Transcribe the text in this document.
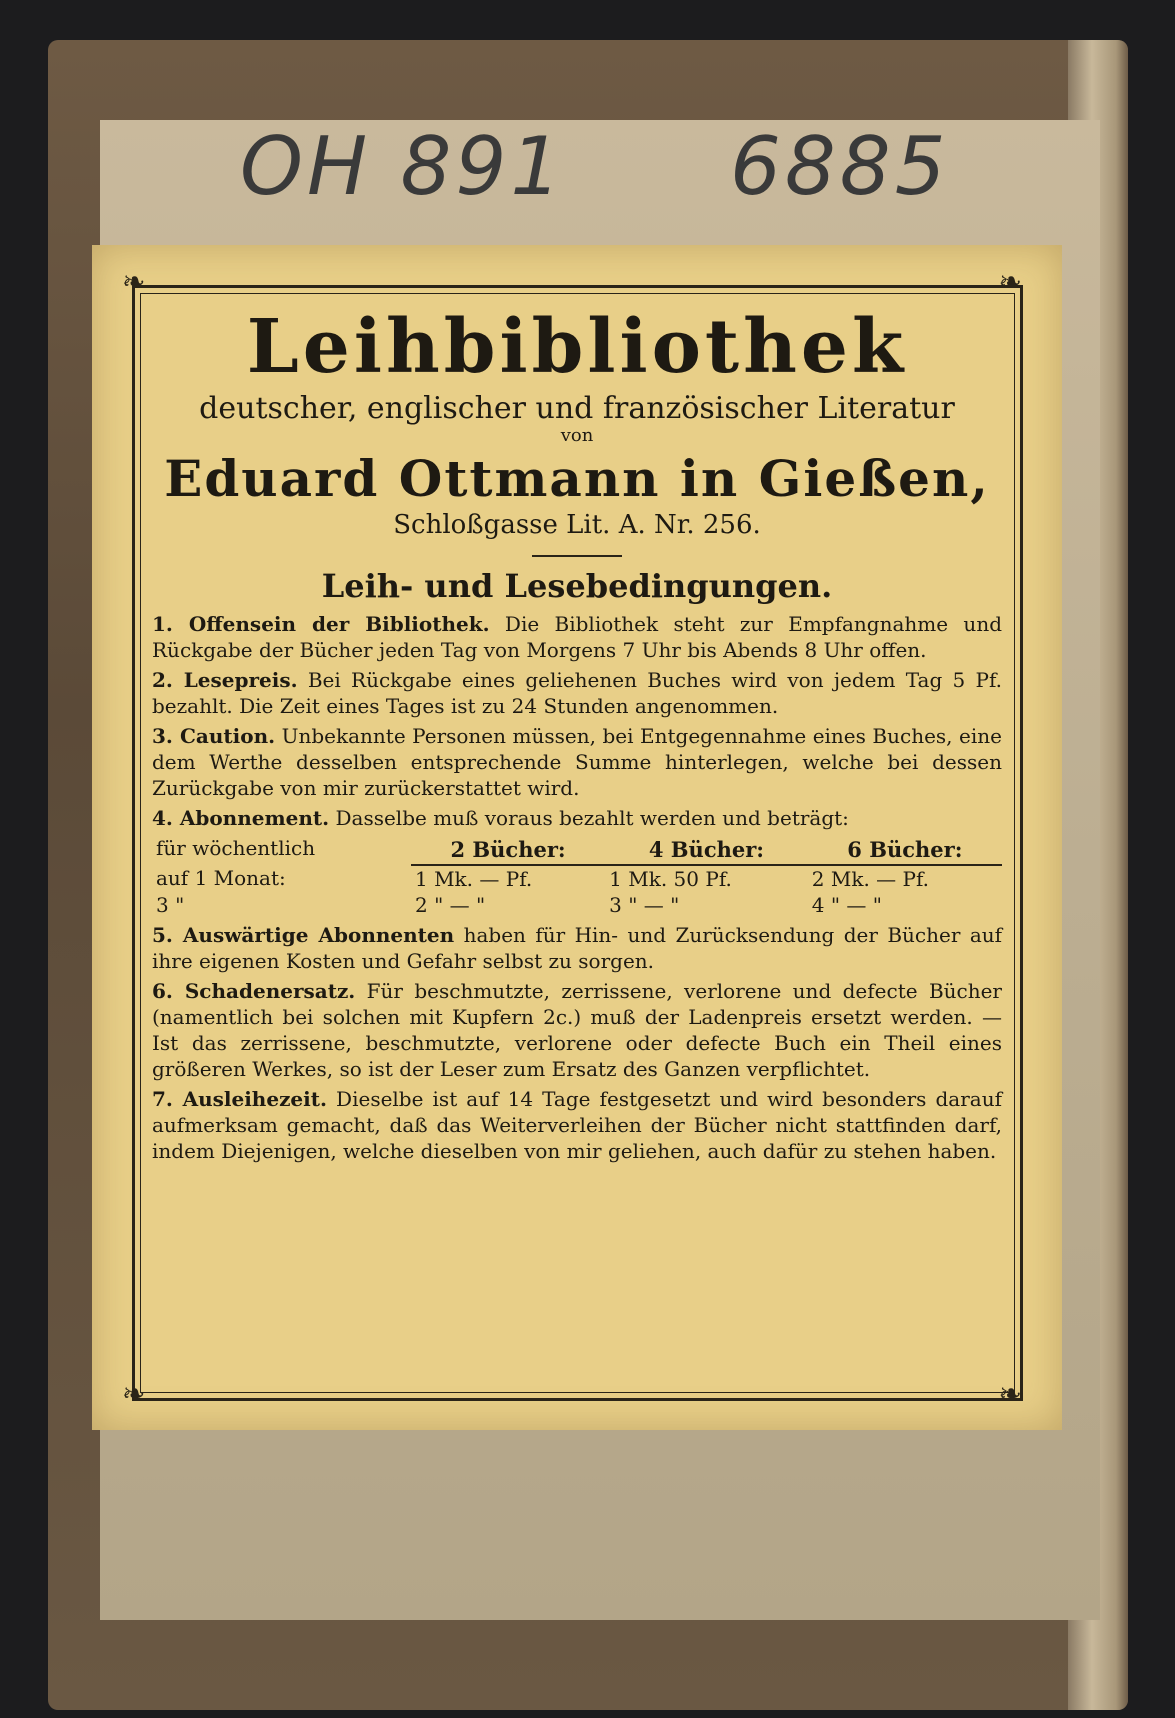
OH 891 6885
❧	❧
❧	❧
Leihbibliothek
deutscher, englischer und französischer Literatur
von
Eduard Ottmann in Gießen,
Schloßgasse Lit. A. Nr. 256.
Leih- und Lesebedingungen.

1. Offensein der Bibliothek. Die Bibliothek steht zur Empfangnahme und Rückgabe der Bücher jeden Tag von Morgens 7 Uhr bis Abends 8 Uhr offen.

2. Lesepreis. Bei Rückgabe eines geliehenen Buches wird von jedem Tag 5 Pf. bezahlt. Die Zeit eines Tages ist zu 24 Stunden angenommen.

3. Caution. Unbekannte Personen müssen, bei Entgegennahme eines Buches, eine dem Werthe desselben entsprechende Summe hinterlegen, welche bei dessen Zurückgabe von mir zurückerstattet wird.

4. Abonnement. Dasselbe muß voraus bezahlt werden und beträgt:

für wöchentlich	2 Bücher:	4 Bücher:	6 Bücher:
auf 1 Monat:	1 Mk. — Pf.	1 Mk. 50 Pf.	2 Mk. — Pf.
3 "	2 " — "	3 " — "	4 " — "

5. Auswärtige Abonnenten haben für Hin- und Zurücksendung der Bücher auf ihre eigenen Kosten und Gefahr selbst zu sorgen.

6. Schadenersatz. Für beschmutzte, zerrissene, verlorene und defecte Bücher (namentlich bei solchen mit Kupfern 2c.) muß der Ladenpreis ersetzt werden. — Ist das zerrissene, beschmutzte, verlorene oder defecte Buch ein Theil eines größeren Werkes, so ist der Leser zum Ersatz des Ganzen verpflichtet.

7. Ausleihezeit. Dieselbe ist auf 14 Tage festgesetzt und wird besonders darauf aufmerksam gemacht, daß das Weiterverleihen der Bücher nicht stattfinden darf, indem Diejenigen, welche dieselben von mir geliehen, auch dafür zu stehen haben.
